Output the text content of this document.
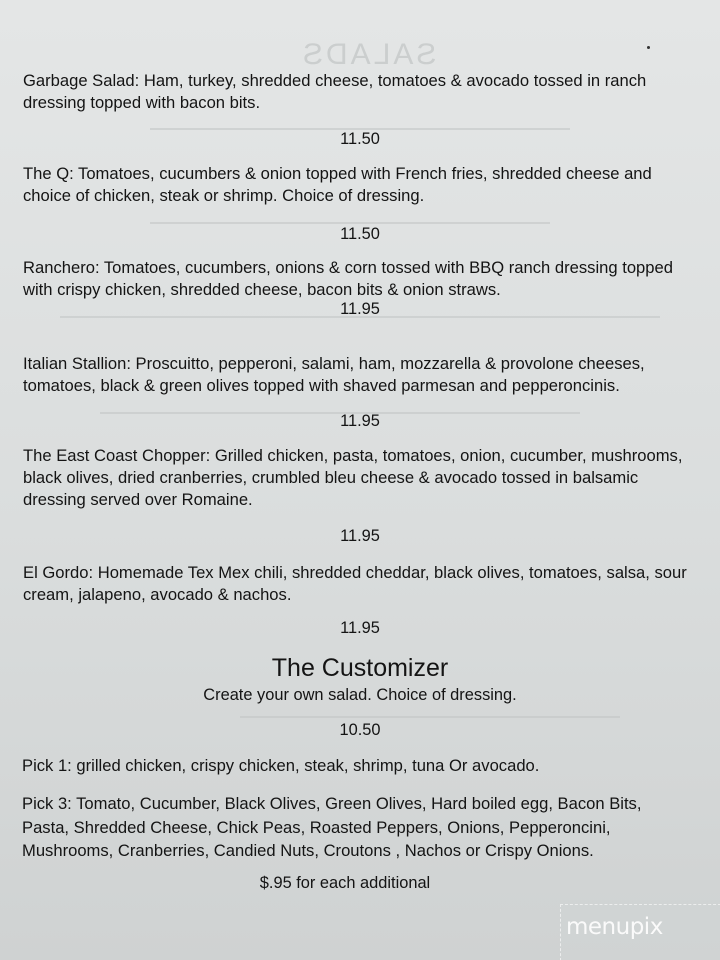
SALADS
Garbage Salad: Ham, turkey, shredded cheese, tomatoes & avocado tossed in ranch dressing topped with bacon bits.
11.50
The Q: Tomatoes, cucumbers & onion topped with French fries, shredded cheese and choice of chicken, steak or shrimp. Choice of dressing.
11.50
Ranchero: Tomatoes, cucumbers, onions & corn tossed with BBQ ranch dressing topped with crispy chicken, shredded cheese, bacon bits & onion straws.
11.95
Italian Stallion: Proscuitto, pepperoni, salami, ham, mozzarella & provolone cheeses, tomatoes, black & green olives topped with shaved parmesan and pepperoncinis.
11.95
The East Coast Chopper: Grilled chicken, pasta, tomatoes, onion, cucumber, mushrooms, black olives, dried cranberries, crumbled bleu cheese & avocado tossed in balsamic dressing served over Romaine.
11.95
El Gordo: Homemade Tex Mex chili, shredded cheddar, black olives, tomatoes, salsa, sour cream, jalapeno, avocado & nachos.
11.95
The Customizer
Create your own salad. Choice of dressing.
10.50
Pick 1: grilled chicken, crispy chicken, steak, shrimp, tuna Or avocado.
Pick 3: Tomato, Cucumber, Black Olives, Green Olives, Hard boiled egg, Bacon Bits, Pasta, Shredded Cheese, Chick Peas, Roasted Peppers, Onions, Pepperoncini, Mushrooms, Cranberries, Candied Nuts, Croutons , Nachos or Crispy Onions.
$.95 for each additional
menupix
